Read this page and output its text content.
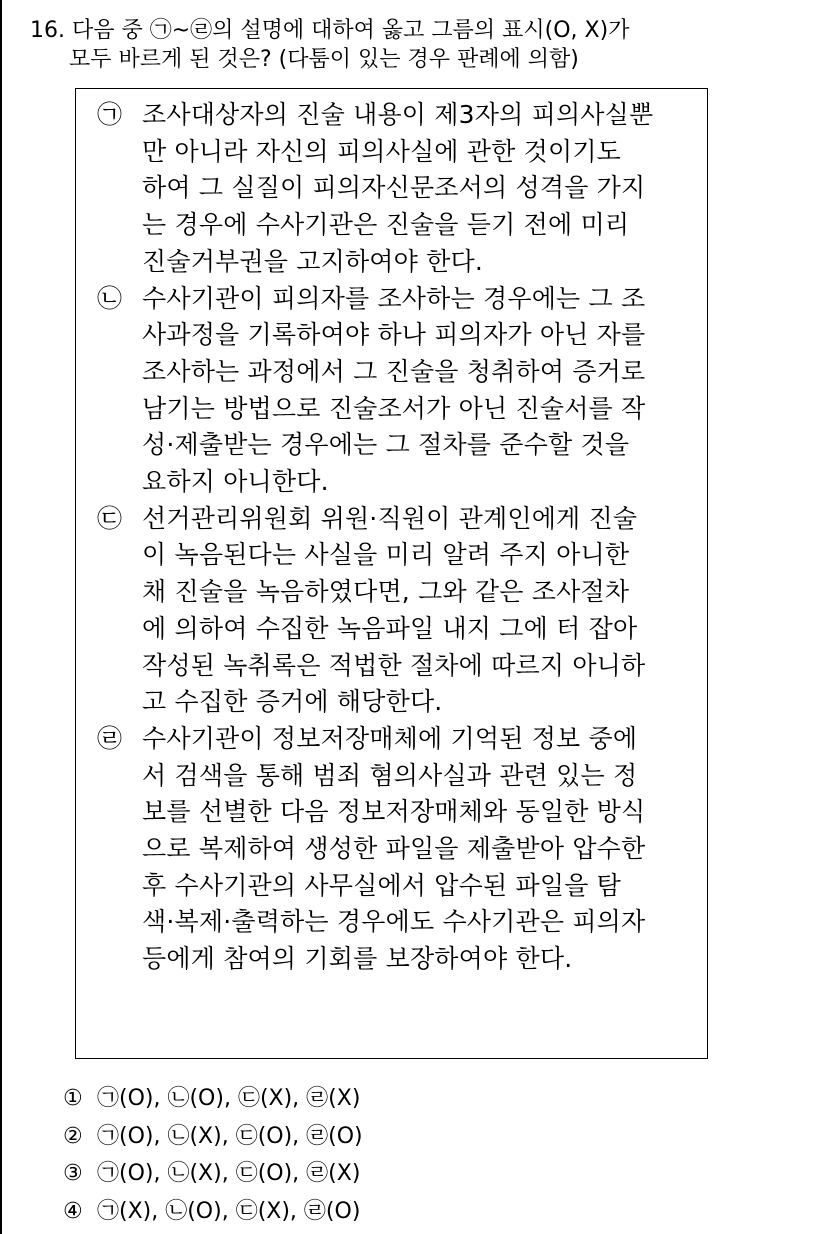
16. 다음 중 ㉠~㉣의 설명에 대하여 옳고 그름의 표시(O, X)가
모두 바르게 된 것은? (다툼이 있는 경우 판례에 의함)
㉠ 조사대상자의 진술 내용이 제3자의 피의사실뿐
만 아니라 자신의 피의사실에 관한 것이기도
하여 그 실질이 피의자신문조서의 성격을 가지
는 경우에 수사기관은 진술을 듣기 전에 미리
진술거부권을 고지하여야 한다.
㉡ 수사기관이 피의자를 조사하는 경우에는 그 조
사과정을 기록하여야 하나 피의자가 아닌 자를
조사하는 과정에서 그 진술을 청취하여 증거로
남기는 방법으로 진술조서가 아닌 진술서를 작
성·제출받는 경우에는 그 절차를 준수할 것을
요하지 아니한다.
㉢ 선거관리위원회 위원·직원이 관계인에게 진술
이 녹음된다는 사실을 미리 알려 주지 아니한
채 진술을 녹음하였다면, 그와 같은 조사절차
에 의하여 수집한 녹음파일 내지 그에 터 잡아
작성된 녹취록은 적법한 절차에 따르지 아니하
고 수집한 증거에 해당한다.
㉣ 수사기관이 정보저장매체에 기억된 정보 중에
서 검색을 통해 범죄 혐의사실과 관련 있는 정
보를 선별한 다음 정보저장매체와 동일한 방식
으로 복제하여 생성한 파일을 제출받아 압수한
후 수사기관의 사무실에서 압수된 파일을 탐
색·복제·출력하는 경우에도 수사기관은 피의자
등에게 참여의 기회를 보장하여야 한다.
① ㉠(O), ㉡(O), ㉢(X), ㉣(X)
② ㉠(O), ㉡(X), ㉢(O), ㉣(O)
③ ㉠(O), ㉡(X), ㉢(O), ㉣(X)
④ ㉠(X), ㉡(O), ㉢(X), ㉣(O)
